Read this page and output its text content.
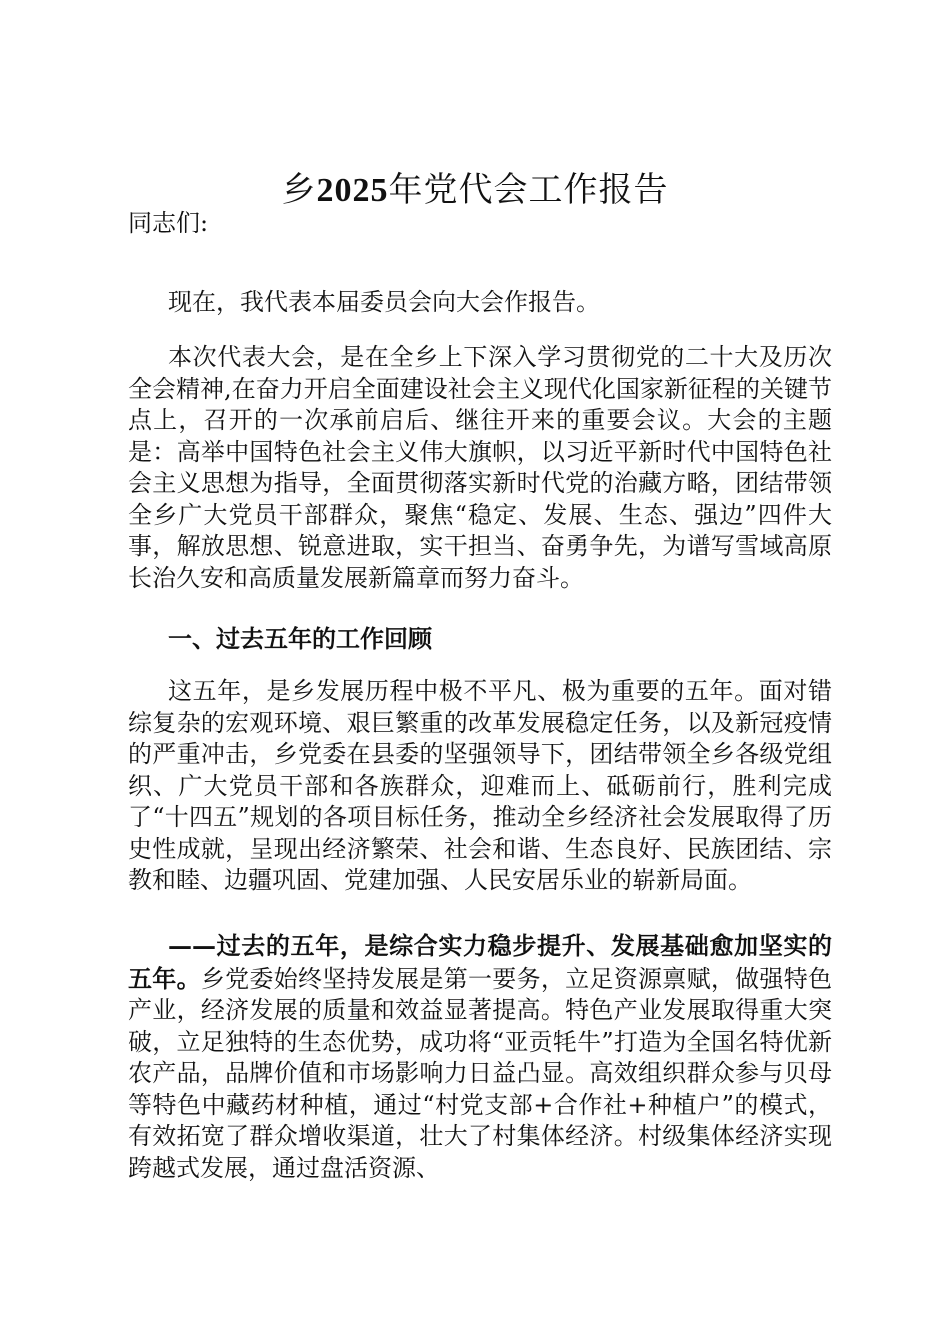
乡2025年党代会工作报告
同志们:
现在，我代表本届委员会向大会作报告。
本次代表大会，是在全乡上下深入学习贯彻党的二十大及历次全会精神,在奋力开启全面建设社会主义现代化国家新征程的关键节点上，召开的一次承前启后、继往开来的重要会议。大会的主题是：高举中国特色社会主义伟大旗帜，以习近平新时代中国特色社会主义思想为指导，全面贯彻落实新时代党的治藏方略，团结带领全乡广大党员干部群众，聚焦“稳定、发展、生态、强边”四件大事，解放思想、锐意进取，实干担当、奋勇争先，为谱写雪域高原长治久安和高质量发展新篇章而努力奋斗。
一、过去五年的工作回顾
这五年，是乡发展历程中极不平凡、极为重要的五年。面对错综复杂的宏观环境、艰巨繁重的改革发展稳定任务，以及新冠疫情的严重冲击，乡党委在县委的坚强领导下，团结带领全乡各级党组织、广大党员干部和各族群众，迎难而上、砥砺前行，胜利完成了“十四五”规划的各项目标任务，推动全乡经济社会发展取得了历史性成就，呈现出经济繁荣、社会和谐、生态良好、民族团结、宗教和睦、边疆巩固、党建加强、人民安居乐业的崭新局面。
——过去的五年，是综合实力稳步提升、发展基础愈加坚实的五年。乡党委始终坚持发展是第一要务，立足资源禀赋，做强特色产业，经济发展的质量和效益显著提高。特色产业发展取得重大突破，立足独特的生态优势，成功将“亚贡牦牛”打造为全国名特优新农产品，品牌价值和市场影响力日益凸显。高效组织群众参与贝母等特色中藏药材种植，通过“村党支部+合作社+种植户”的模式，有效拓宽了群众增收渠道，壮大了村集体经济。村级集体经济实现跨越式发展，通过盘活资源、
